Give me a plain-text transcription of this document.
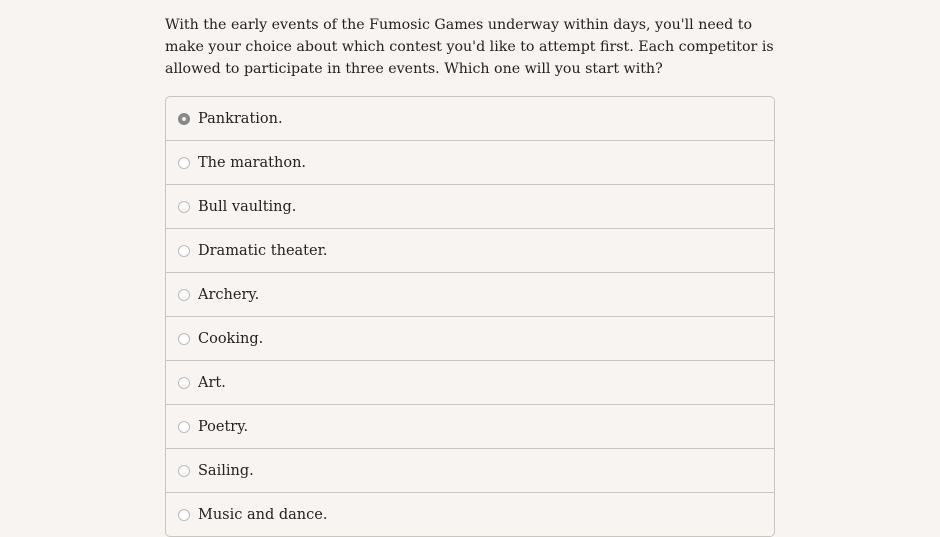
With the early events of the Fumosic Games underway within days, you'll need to make your choice about which contest you'd like to attempt first. Each competitor is allowed to participate in three events. Which one will you start with?

Pankration.
The marathon.
Bull vaulting.
Dramatic theater.
Archery.
Cooking.
Art.
Poetry.
Sailing.
Music and dance.
